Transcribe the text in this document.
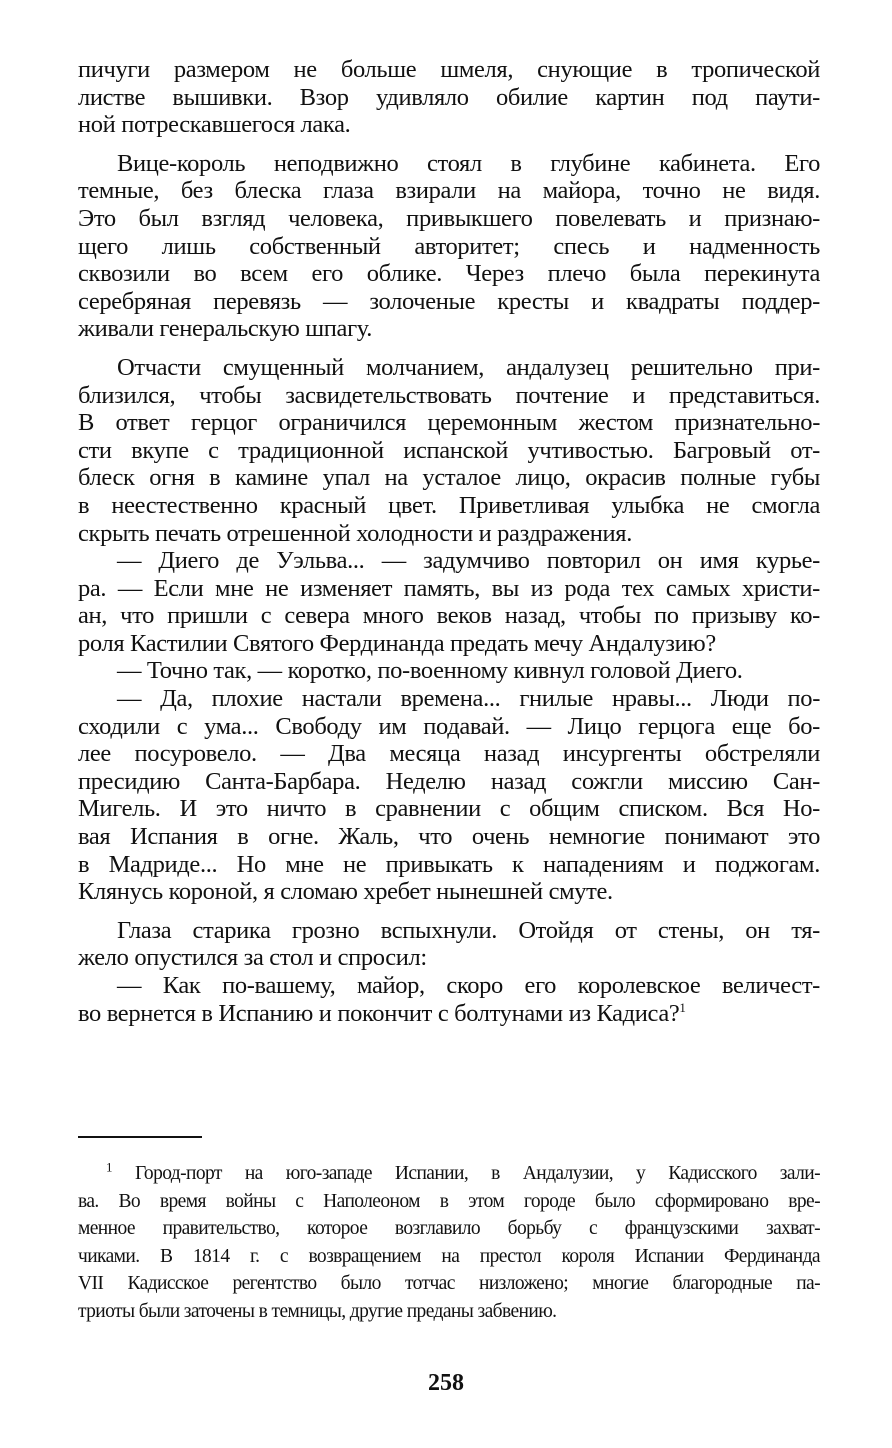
пичуги размером не больше шмеля, снующие в тропической
листве вышивки. Взор удивляло обилие картин под паути-
ной потрескавшегося лака.
Вице-король неподвижно стоял в глубине кабинета. Его
темные, без блеска глаза взирали на майора, точно не видя.
Это был взгляд человека, привыкшего повелевать и признаю-
щего лишь собственный авторитет; спесь и надменность
сквозили во всем его облике. Через плечо была перекинута
серебряная перевязь — золоченые кресты и квадраты поддер-
живали генеральскую шпагу.
Отчасти смущенный молчанием, андалузец решительно при-
близился, чтобы засвидетельствовать почтение и представиться.
В ответ герцог ограничился церемонным жестом признательно-
сти вкупе с традиционной испанской учтивостью. Багровый от-
блеск огня в камине упал на усталое лицо, окрасив полные губы
в неестественно красный цвет. Приветливая улыбка не смогла
скрыть печать отрешенной холодности и раздражения.
— Диего де Уэльва... — задумчиво повторил он имя курье-
ра. — Если мне не изменяет память, вы из рода тех самых христи-
ан, что пришли с севера много веков назад, чтобы по призыву ко-
роля Кастилии Святого Фердинанда предать мечу Андалузию?
— Точно так, — коротко, по-военному кивнул головой Диего.
— Да, плохие настали времена... гнилые нравы... Люди по-
сходили с ума... Свободу им подавай. — Лицо герцога еще бо-
лее посуровело. — Два месяца назад инсургенты обстреляли
пресидию Санта-Барбара. Неделю назад сожгли миссию Сан-
Мигель. И это ничто в сравнении с общим списком. Вся Но-
вая Испания в огне. Жаль, что очень немногие понимают это
в Мадриде... Но мне не привыкать к нападениям и поджогам.
Клянусь короной, я сломаю хребет нынешней смуте.
Глаза старика грозно вспыхнули. Отойдя от стены, он тя-
жело опустился за стол и спросил:
— Как по-вашему, майор, скоро его королевское величест-
во вернется в Испанию и покончит с болтунами из Кадиса?$^1$
$^1$ Город-порт на юго-западе Испании, в Андалузии, у Кадисского зали-
ва. Во время войны с Наполеоном в этом городе было сформировано вре-
менное правительство, которое возглавило борьбу с французскими захват-
чиками. В 1814 г. с возвращением на престол короля Испании Фердинанда
VII Кадисское регентство было тотчас низложено; многие благородные па-
триоты были заточены в темницы, другие преданы забвению.
258
